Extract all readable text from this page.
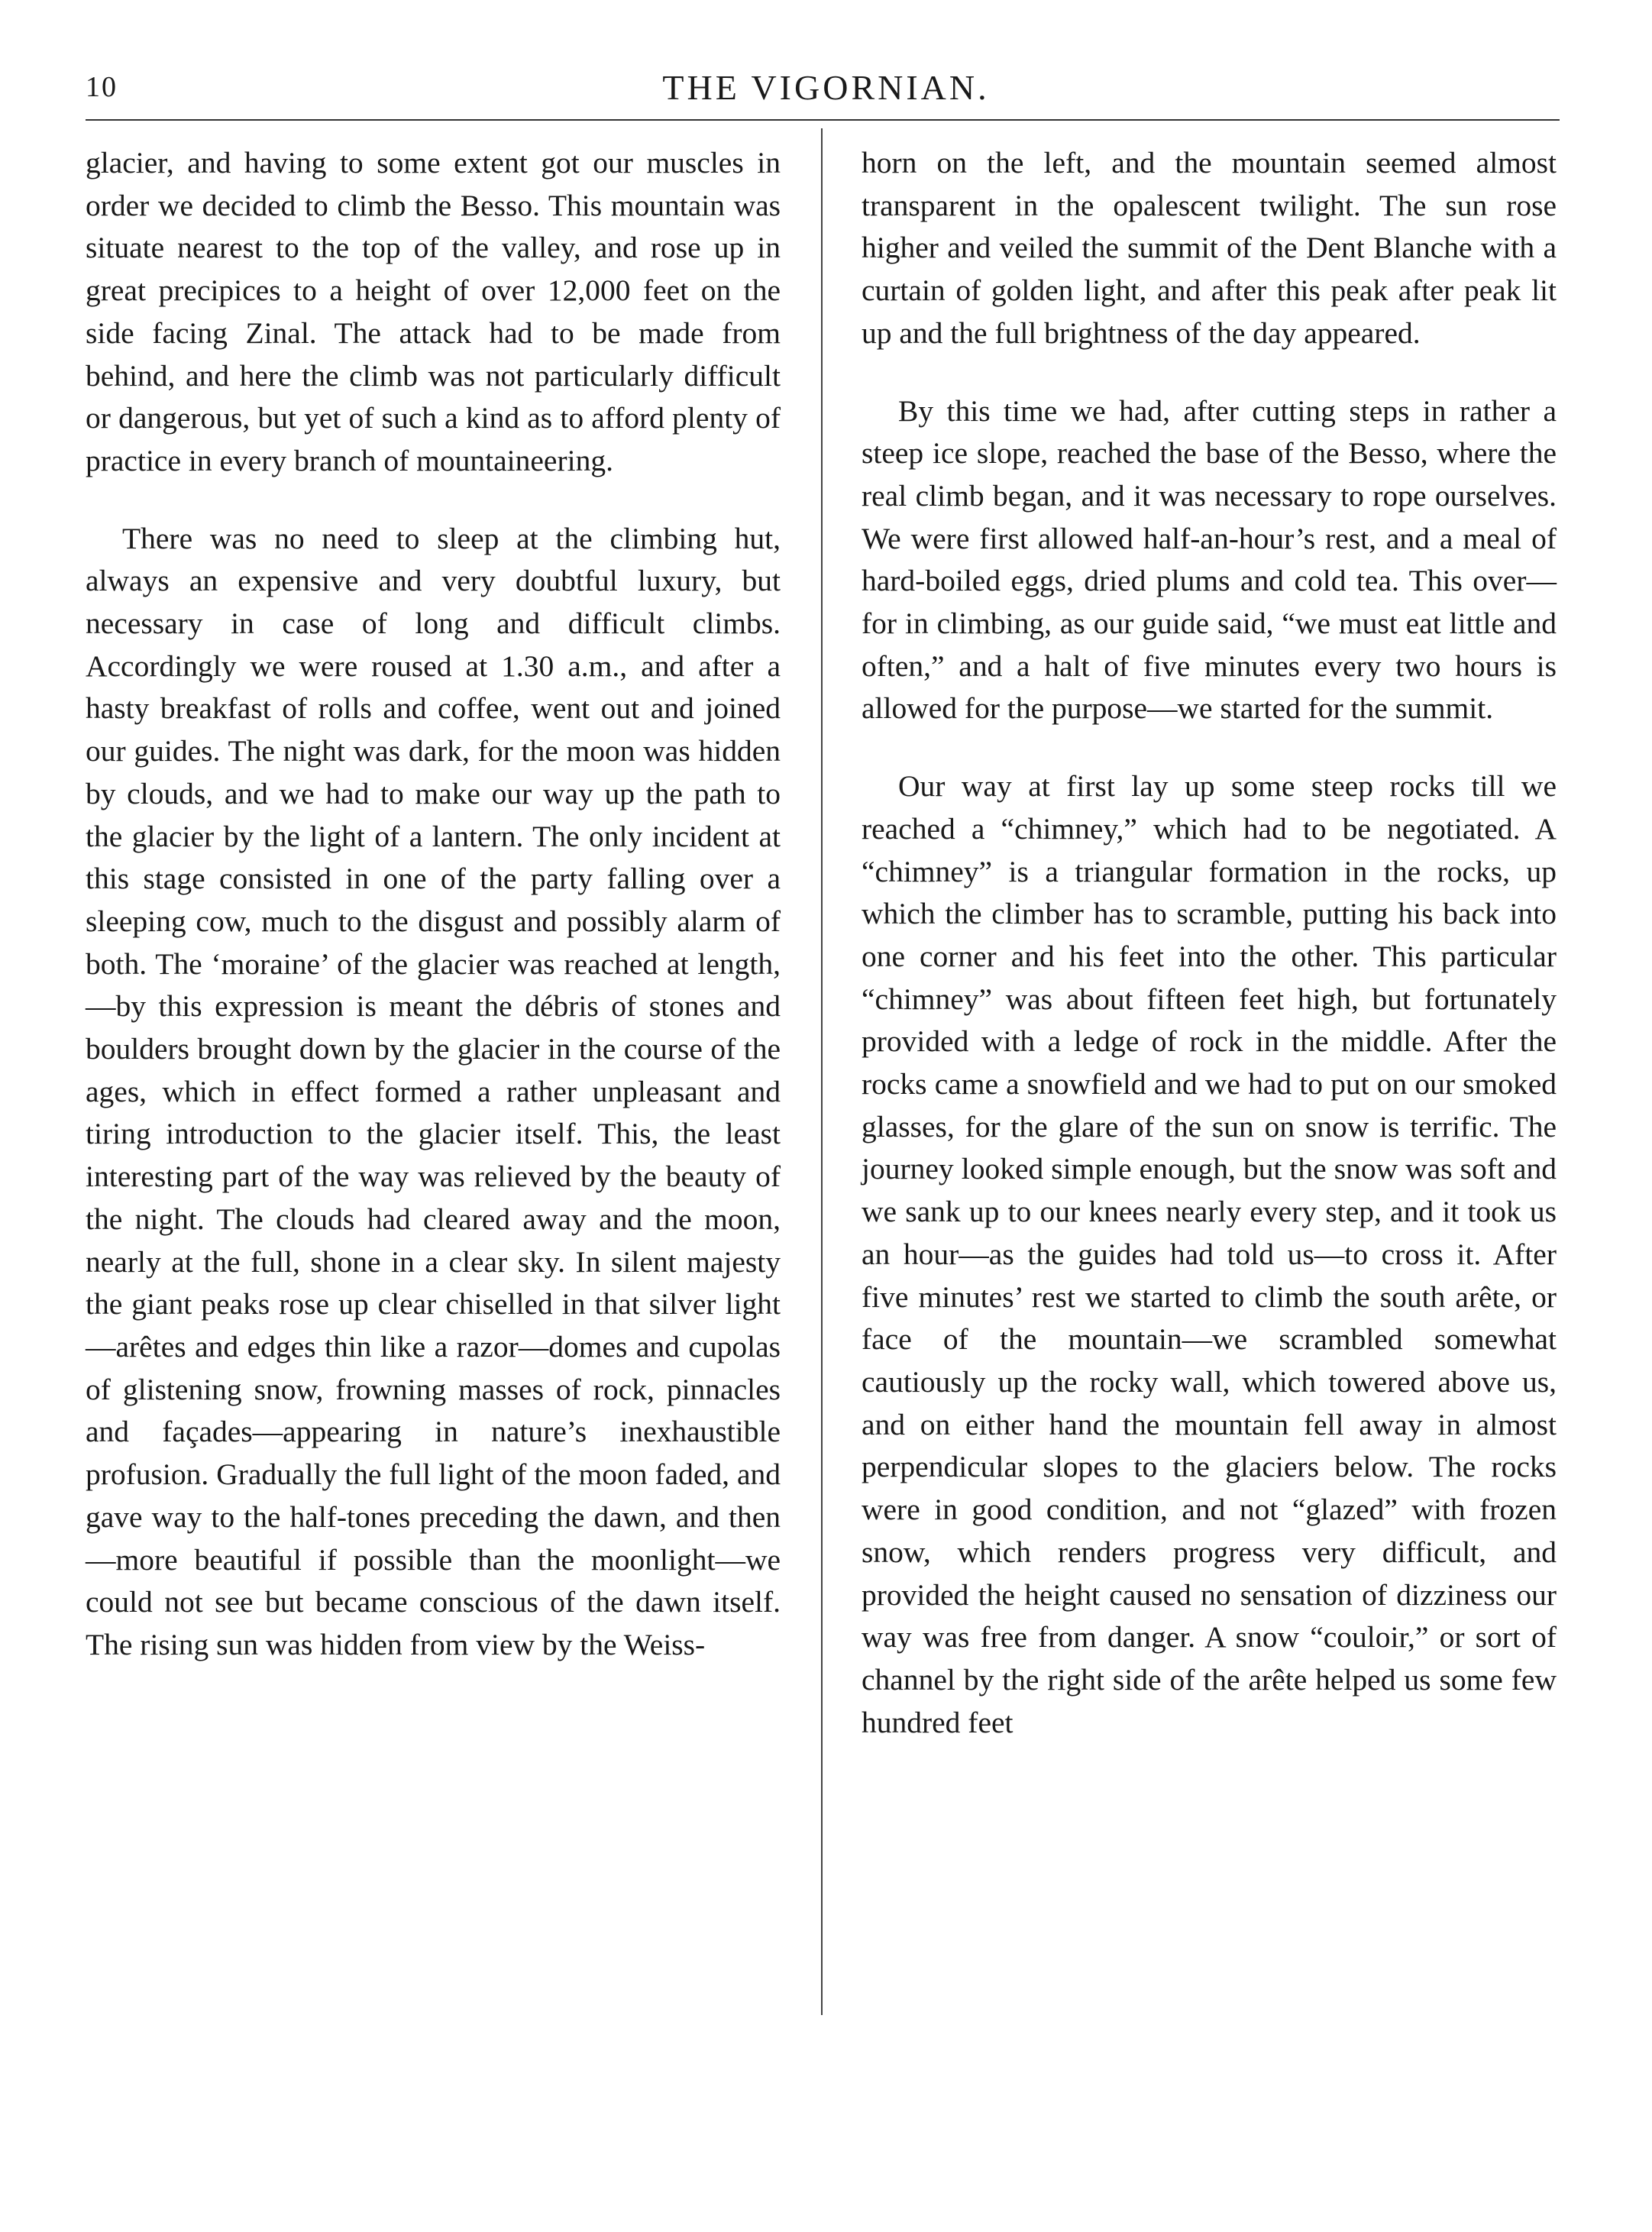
10	THE VIGORNIAN.

glacier, and having to some extent got our muscles in order we decided to climb the Besso. This mountain was situate nearest to the top of the valley, and rose up in great precipices to a height of over 12,000 feet on the side facing Zinal. The attack had to be made from behind, and here the climb was not particularly difficult or dangerous, but yet of such a kind as to afford plenty of practice in every branch of mountaineering.

There was no need to sleep at the climbing hut, always an expensive and very doubtful luxury, but necessary in case of long and difficult climbs. Accordingly we were roused at 1.30 a.m., and after a hasty breakfast of rolls and coffee, went out and joined our guides. The night was dark, for the moon was hidden by clouds, and we had to make our way up the path to the glacier by the light of a lantern. The only incident at this stage consisted in one of the party falling over a sleeping cow, much to the disgust and possibly alarm of both. The ‘moraine’ of the glacier was reached at length, —by this expression is meant the débris of stones and boulders brought down by the glacier in the course of the ages, which in effect formed a rather unpleasant and tiring introduction to the glacier itself. This, the least interesting part of the way was relieved by the beauty of the night. The clouds had cleared away and the moon, nearly at the full, shone in a clear sky. In silent majesty the giant peaks rose up clear chiselled in that silver light—arêtes and edges thin like a razor—domes and cupolas of glistening snow, frowning masses of rock, pinnacles and façades—appearing in nature’s inexhaustible profusion. Gradually the full light of the moon faded, and gave way to the half-tones preceding the dawn, and then—more beautiful if possible than the moonlight—we could not see but became conscious of the dawn itself. The rising sun was hidden from view by the Weiss-

horn on the left, and the mountain seemed almost transparent in the opalescent twilight. The sun rose higher and veiled the summit of the Dent Blanche with a curtain of golden light, and after this peak after peak lit up and the full brightness of the day appeared.

By this time we had, after cutting steps in rather a steep ice slope, reached the base of the Besso, where the real climb began, and it was necessary to rope ourselves. We were first allowed half-an-hour’s rest, and a meal of hard-boiled eggs, dried plums and cold tea. This over—for in climbing, as our guide said, “we must eat little and often,” and a halt of five minutes every two hours is allowed for the purpose—we started for the summit.

Our way at first lay up some steep rocks till we reached a “chimney,” which had to be negotiated. A “chimney” is a triangular formation in the rocks, up which the climber has to scramble, putting his back into one corner and his feet into the other. This particular “chimney” was about fifteen feet high, but fortunately provided with a ledge of rock in the middle. After the rocks came a snowfield and we had to put on our smoked glasses, for the glare of the sun on snow is terrific. The journey looked simple enough, but the snow was soft and we sank up to our knees nearly every step, and it took us an hour—as the guides had told us—to cross it. After five minutes’ rest we started to climb the south arête, or face of the mountain—we scrambled somewhat cautiously up the rocky wall, which towered above us, and on either hand the mountain fell away in almost perpendicular slopes to the glaciers below. The rocks were in good condition, and not “glazed” with frozen snow, which renders progress very difficult, and provided the height caused no sensation of dizziness our way was free from danger. A snow “couloir,” or sort of channel by the right side of the arête helped us some few hundred feet
